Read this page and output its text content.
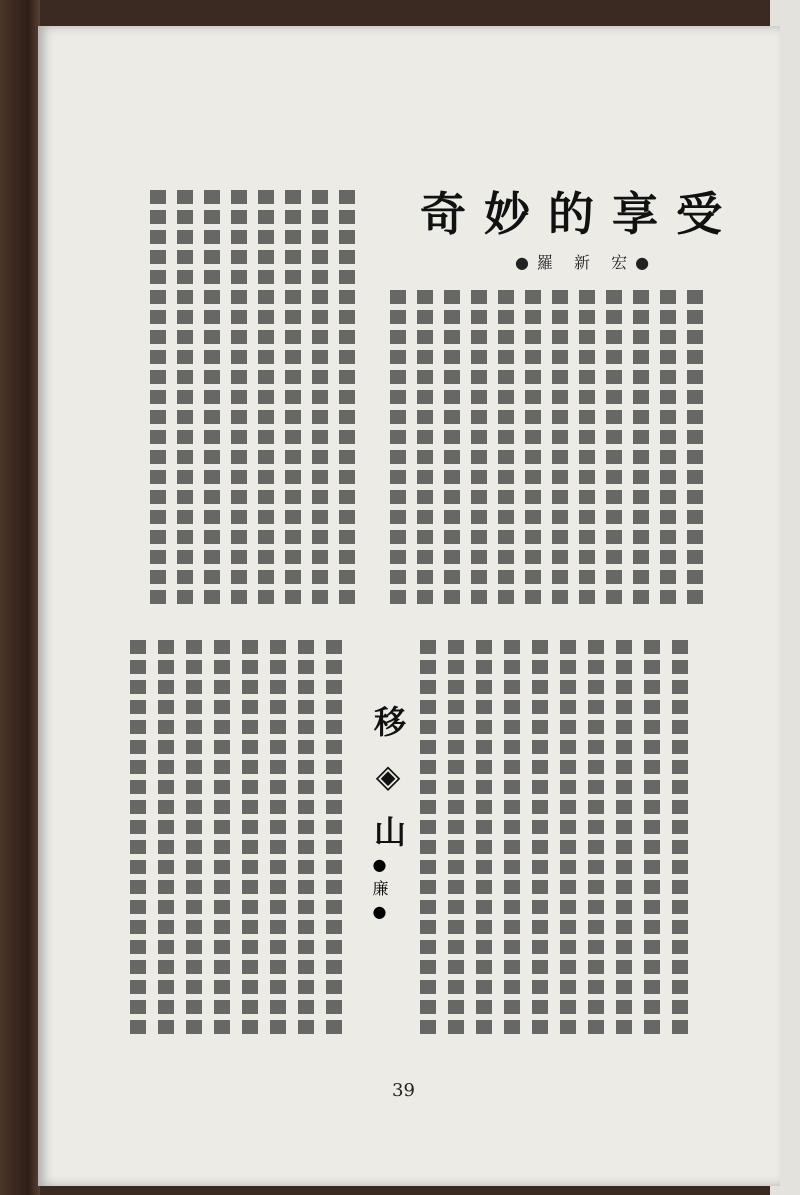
奇妙的享受
●羅 新 宏●
移◈山
●廉●
39
